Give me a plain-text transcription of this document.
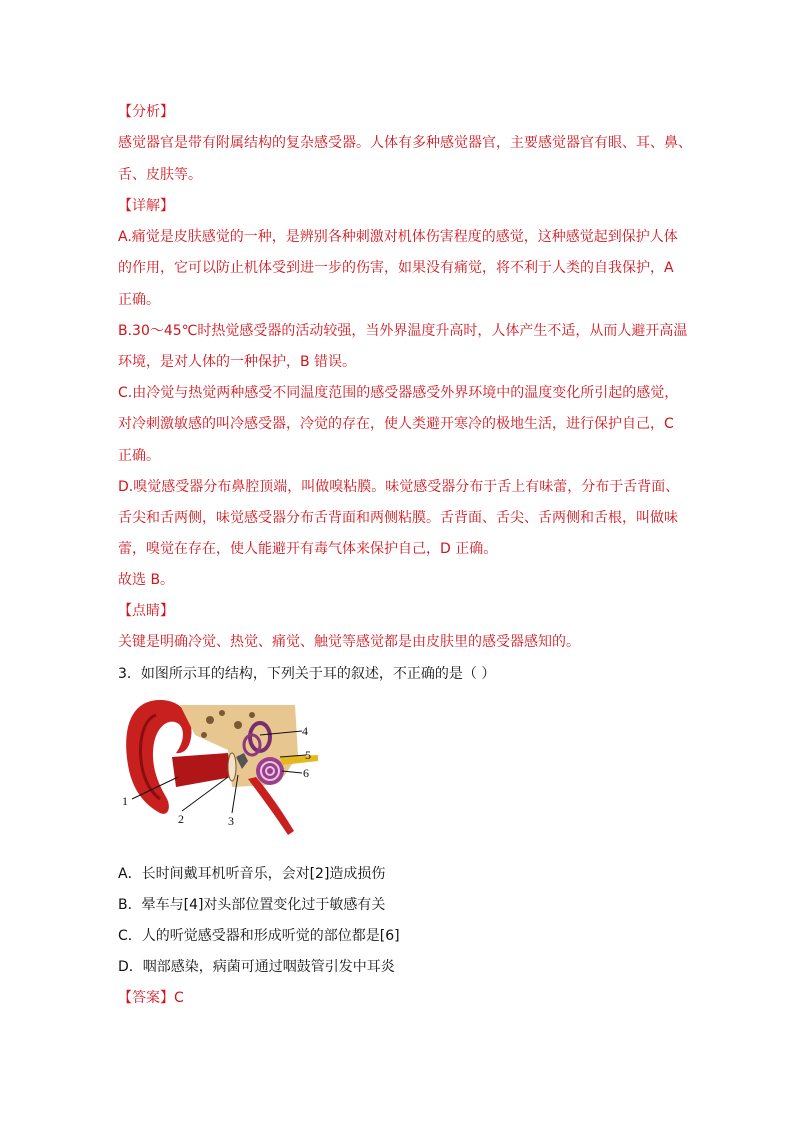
【分析】
感觉器官是带有附属结构的复杂感受器。人体有多种感觉器官，主要感觉器官有眼、耳、鼻、
舌、皮肤等。
【详解】
A.痛觉是皮肤感觉的一种，是辨别各种刺激对机体伤害程度的感觉，这种感觉起到保护人体
的作用，它可以防止机体受到进一步的伤害，如果没有痛觉，将不利于人类的自我保护，A
正确。
B.30～45℃时热觉感受器的活动较强，当外界温度升高时，人体产生不适，从而人避开高温
环境，是对人体的一种保护，B 错误。
C.由冷觉与热觉两种感受不同温度范围的感受器感受外界环境中的温度变化所引起的感觉，
对冷刺激敏感的叫冷感受器，冷觉的存在，使人类避开寒冷的极地生活，进行保护自己，C
正确。
D.嗅觉感受器分布鼻腔顶端，叫做嗅粘膜。味觉感受器分布于舌上有味蕾，分布于舌背面、
舌尖和舌两侧，味觉感受器分布舌背面和两侧粘膜。舌背面、舌尖、舌两侧和舌根，叫做味
蕾，嗅觉在存在，使人能避开有毒气体来保护自己，D 正确。
故选 B。
【点睛】
关键是明确冷觉、热觉、痛觉、触觉等感觉都是由皮肤里的感受器感知的。
3．如图所示耳的结构，下列关于耳的叙述，不正确的是（ ）
1
2	3
4
5
6
A．长时间戴耳机听音乐，会对[2]造成损伤
B．晕车与[4]对头部位置变化过于敏感有关
C．人的听觉感受器和形成听觉的部位都是[6]
D．咽部感染，病菌可通过咽鼓管引发中耳炎
【答案】C
